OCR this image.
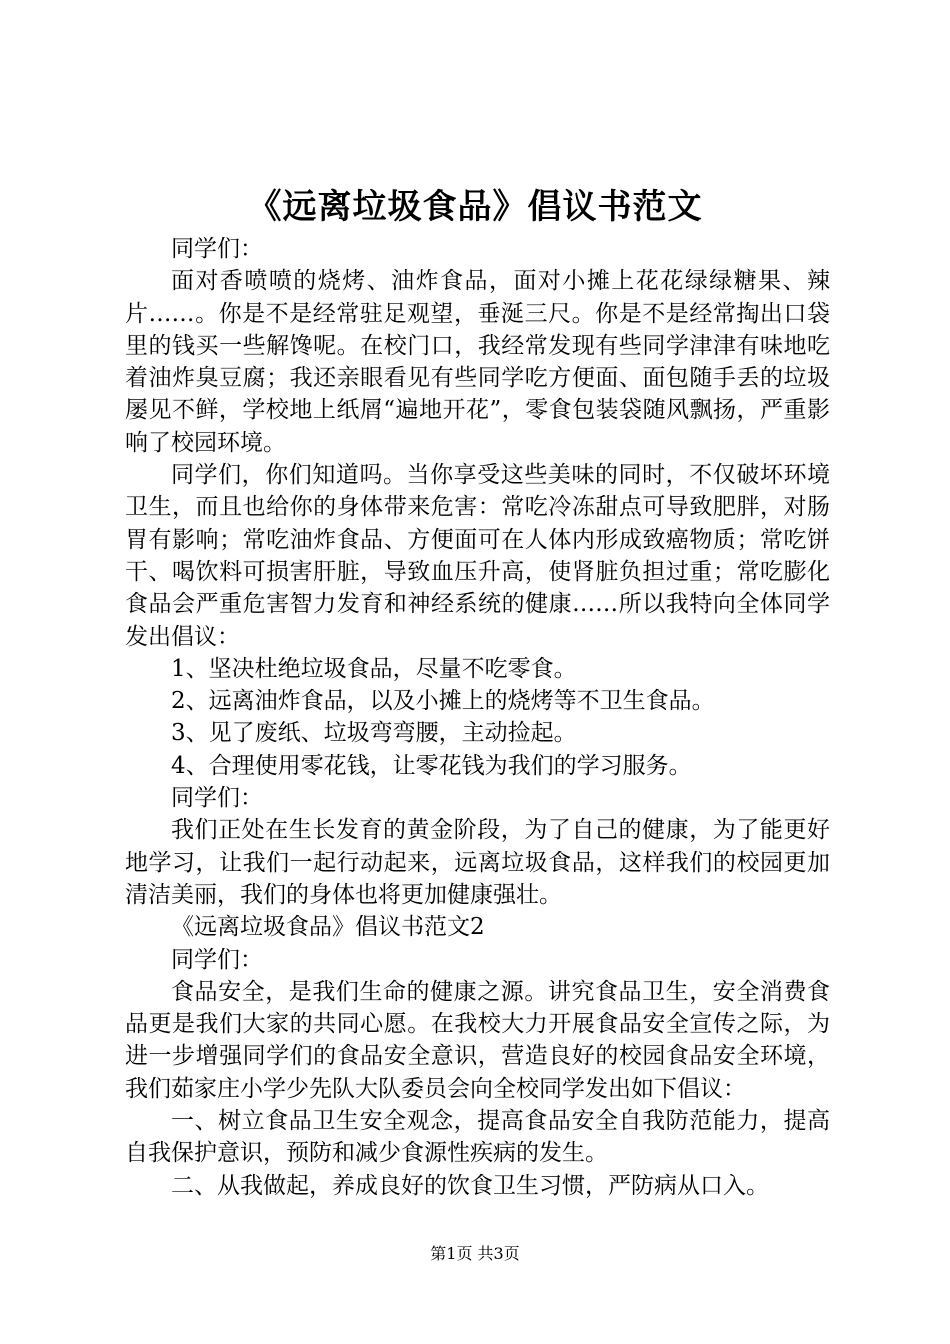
《远离垃圾食品》倡议书范文

同学们：

面对香喷喷的烧烤、油炸食品，面对小摊上花花绿绿糖果、辣片……。你是不是经常驻足观望，垂涎三尺。你是不是经常掏出口袋里的钱买一些解馋呢。在校门口，我经常发现有些同学津津有味地吃着油炸臭豆腐；我还亲眼看见有些同学吃方便面、面包随手丢的垃圾屡见不鲜，学校地上纸屑“遍地开花”，零食包装袋随风飘扬，严重影响了校园环境。

同学们，你们知道吗。当你享受这些美味的同时，不仅破坏环境卫生，而且也给你的身体带来危害：常吃冷冻甜点可导致肥胖，对肠胃有影响；常吃油炸食品、方便面可在人体内形成致癌物质；常吃饼干、喝饮料可损害肝脏，导致血压升高，使肾脏负担过重；常吃膨化食品会严重危害智力发育和神经系统的健康……所以我特向全体同学发出倡议：

1、坚决杜绝垃圾食品，尽量不吃零食。

2、远离油炸食品，以及小摊上的烧烤等不卫生食品。

3、见了废纸、垃圾弯弯腰，主动捡起。

4、合理使用零花钱，让零花钱为我们的学习服务。

同学们：

我们正处在生长发育的黄金阶段，为了自己的健康，为了能更好地学习，让我们一起行动起来，远离垃圾食品，这样我们的校园更加清洁美丽，我们的身体也将更加健康强壮。

《远离垃圾食品》倡议书范文2

同学们：

食品安全，是我们生命的健康之源。讲究食品卫生，安全消费食品更是我们大家的共同心愿。在我校大力开展食品安全宣传之际，为进一步增强同学们的食品安全意识，营造良好的校园食品安全环境，我们茹家庄小学少先队大队委员会向全校同学发出如下倡议：

一、树立食品卫生安全观念，提高食品安全自我防范能力，提高自我保护意识，预防和减少食源性疾病的发生。

二、从我做起，养成良好的饮食卫生习惯，严防病从口入。

第1页 共3页
